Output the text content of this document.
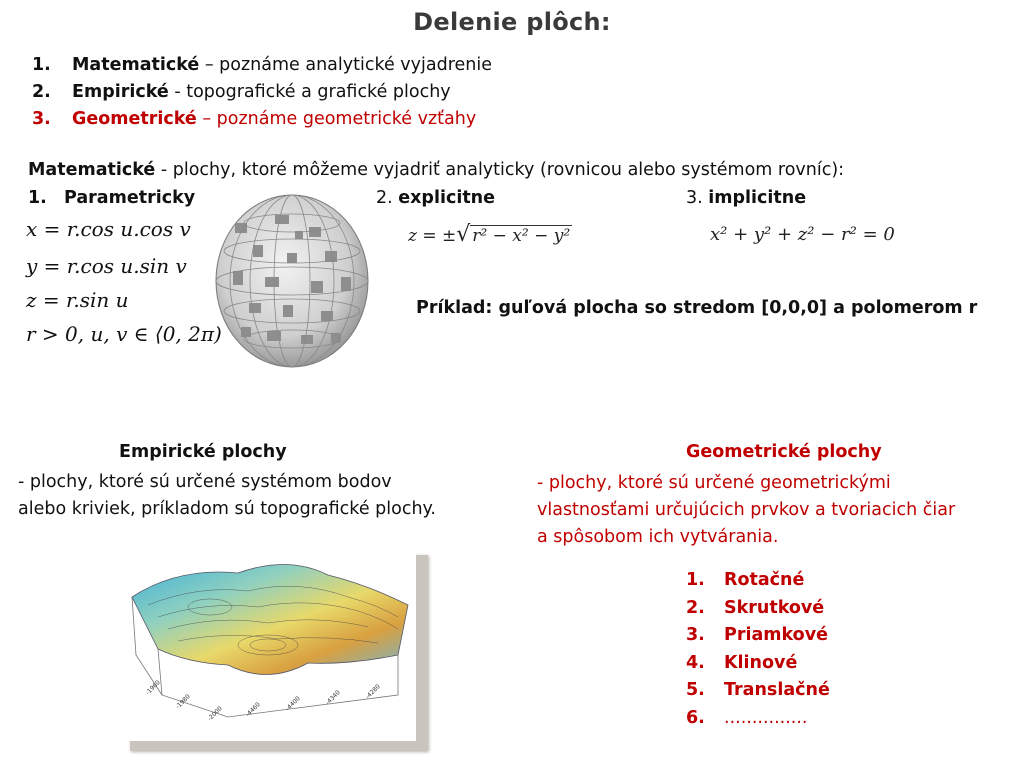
Delenie plôch:
1. Matematické – poznáme analytické vyjadrenie
2. Empirické - topografické a grafické plochy
3. Geometrické – poznáme geometrické vzťahy
Matematické - plochy, ktoré môžeme vyjadriť analyticky (rovnicou alebo systémom rovníc):
1. Parametricky	2. explicitne	3. implicitne
x = r.cos u.cos v
y = r.cos u.sin v
z = r.sin u
r > 0, u, v ∈ ⟨0, 2π)
z = ±√ r² − x² − y²	x² + y² + z² − r² = 0
Príklad: guľová plocha so stredom [0,0,0] a polomerom r
Empirické plochy
- plochy, ktoré sú určené systémom bodov
alebo kriviek, príkladom sú topografické plochy.
Geometrické plochy
- plochy, ktoré sú určené geometrickými
vlastnosťami určujúcich prvkov a tvoriacich čiar
a spôsobom ich vytvárania.
1. Rotačné
2. Skrutkové
3. Priamkové
4. Klinové
5. Translačné
6. ...............
-1960
-1980
-2000	-4460	-4400	-4340	-4280
